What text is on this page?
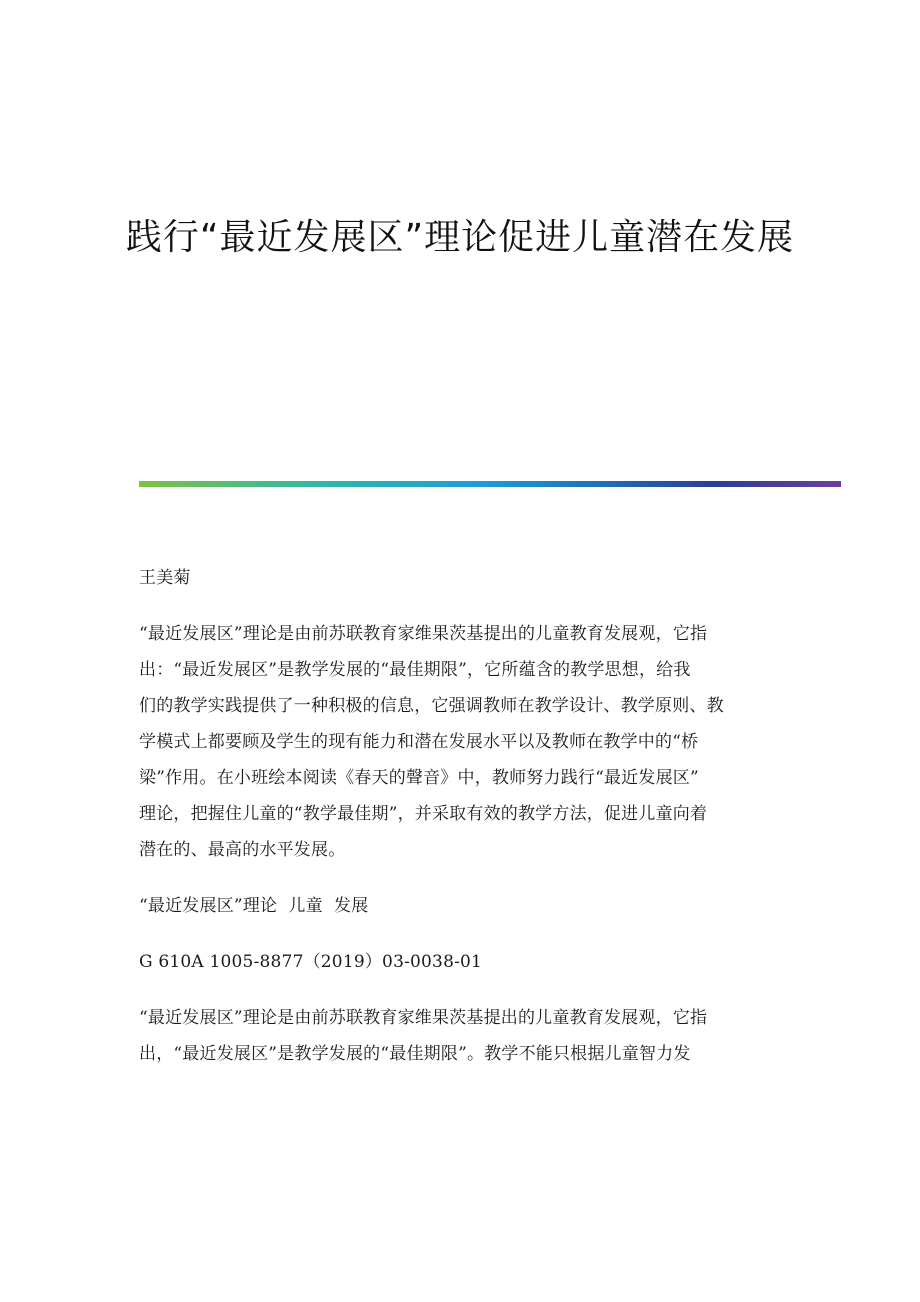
践行“最近发展区”理论促进儿童潜在发展
王美菊
“最近发展区”理论是由前苏联教育家维果茨基提出的儿童教育发展观，它指
出：“最近发展区”是教学发展的“最佳期限”，它所蕴含的教学思想，给我
们的教学实践提供了一种积极的信息，它强调教师在教学设计、教学原则、教
学模式上都要顾及学生的现有能力和潜在发展水平以及教师在教学中的“桥
梁”作用。在小班绘本阅读《春天的聲音》中，教师努力践行“最近发展区”
理论，把握住儿童的“教学最佳期”，并采取有效的教学方法，促进儿童向着
潜在的、最高的水平发展。
“最近发展区”理论  儿童  发展
G 610A 1005-8877（2019）03-0038-01
“最近发展区”理论是由前苏联教育家维果茨基提出的儿童教育发展观，它指
出，“最近发展区”是教学发展的“最佳期限”。教学不能只根据儿童智力发
